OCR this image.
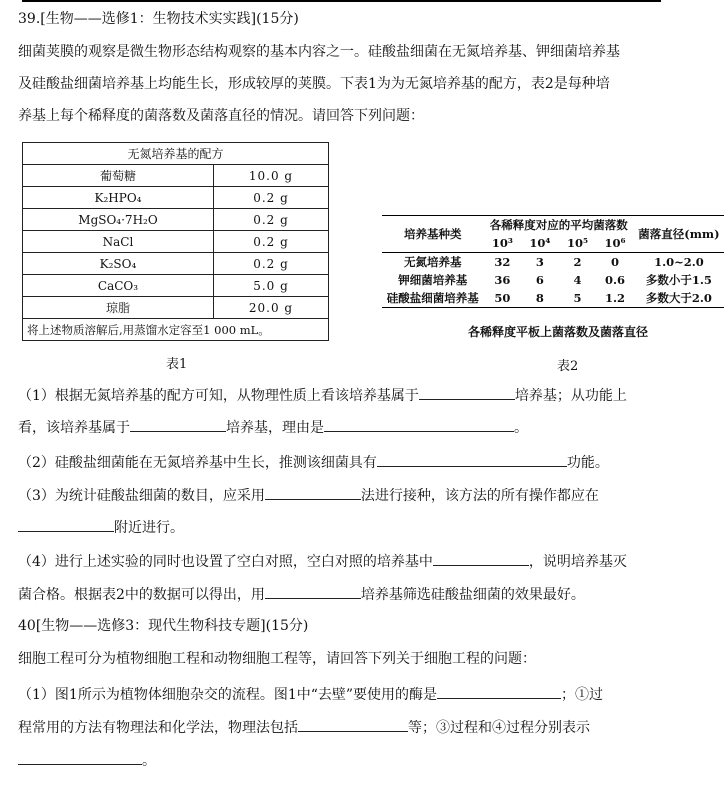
39.[生物——选修1：生物技术实实践](15分)
细菌荚膜的观察是微生物形态结构观察的基本内容之一。硅酸盐细菌在无氮培养基、钾细菌培养基
及硅酸盐细菌培养基上均能生长，形成较厚的荚膜。下表1为为无氮培养基的配方，表2是每种培
养基上每个稀释度的菌落数及菌落直径的情况。请回答下列问题：
无氮培养基的配方	
葡萄糖	10.0 g
K₂HPO₄	0.2 g
MgSO₄·7H₂O	0.2 g
NaCl	0.2 g
K₂SO₄	0.2 g
CaCO₃	5.0 g
琼脂	20.0 g
将上述物质溶解后,用蒸馏水定容至1 000 mL。	
表1
培养基种类	各稀释度对应的平均菌落数				菌落直径(mm)
	10³	10⁴	10⁵	10⁶	
无氮培养基	32	3	2	0	1.0~2.0
钾细菌培养基	36	6	4	0.6	多数小于1.5
硅酸盐细菌培养基	50	8	5	1.2	多数大于2.0
各稀释度平板上菌落数及菌落直径
表2
（1）根据无氮培养基的配方可知，从物理性质上看该培养基属于	培养基；从功能上
看，该培养基属于	培养基，理由是	。
（2）硅酸盐细菌能在无氮培养基中生长，推测该细菌具有	功能。
（3）为统计硅酸盐细菌的数目，应采用	法进行接种，该方法的所有操作都应在
附近进行。
（4）进行上述实验的同时也设置了空白对照，空白对照的培养基中	，说明培养基灭
菌合格。根据表2中的数据可以得出，用	培养基筛选硅酸盐细菌的效果最好。
40[生物——选修3：现代生物科技专题](15分)
细胞工程可分为植物细胞工程和动物细胞工程等，请回答下列关于细胞工程的问题：
（1）图1所示为植物体细胞杂交的流程。图1中“去壁”要使用的酶是	；①过
程常用的方法有物理法和化学法，物理法包括	等；③过程和④过程分别表示
。
